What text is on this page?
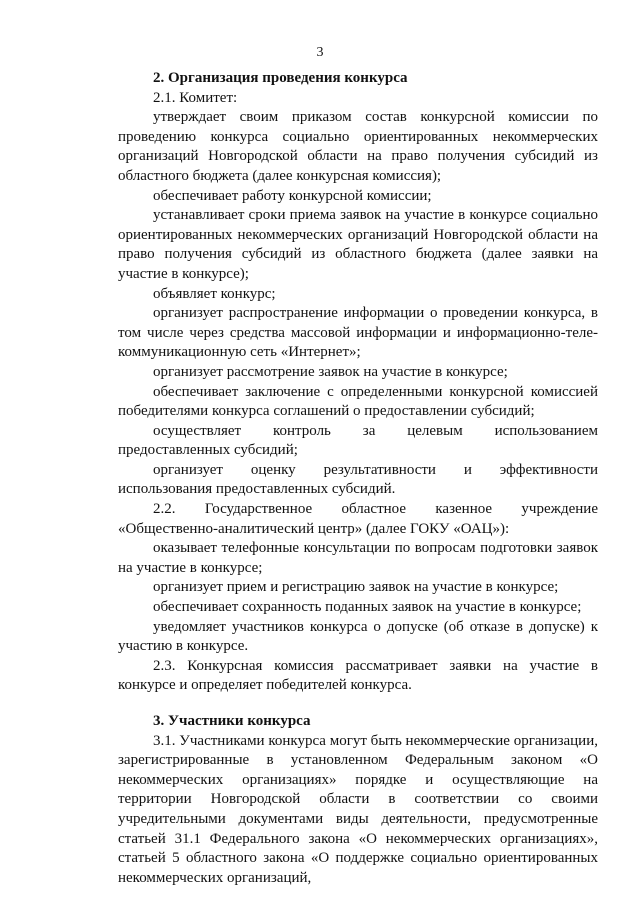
3
2. Организация проведения конкурса

2.1. Комитет:

утверждает своим приказом состав конкурсной комиссии по проведению конкурса социально ориентированных некоммерческих организаций Новгородской области на право получения субсидий из областного бюджета (далее конкурсная комиссия);

обеспечивает работу конкурсной комиссии;

устанавливает сроки приема заявок на участие в конкурсе социально ориентированных некоммерческих организаций Новгородской области на право получения субсидий из областного бюджета (далее заявки на участие в конкурсе);

объявляет конкурс;

организует распространение информации о проведении конкурса, в том числе через средства массовой информации и информационно-теле-коммуникационную сеть «Интернет»;

организует рассмотрение заявок на участие в конкурсе;

обеспечивает заключение с определенными конкурсной комиссией победителями конкурса соглашений о предоставлении субсидий;

осуществляет контроль за целевым использованием предоставленных субсидий;

организует оценку результативности и эффективности использования предоставленных субсидий.

2.2. Государственное областное казенное учреждение «Общественно-аналитический центр» (далее ГОКУ «ОАЦ»):

оказывает телефонные консультации по вопросам подготовки заявок на участие в конкурсе;

организует прием и регистрацию заявок на участие в конкурсе;

обеспечивает сохранность поданных заявок на участие в конкурсе;

уведомляет участников конкурса о допуске (об отказе в допуске) к участию в конкурсе.

2.3. Конкурсная комиссия рассматривает заявки на участие в конкурсе и определяет победителей конкурса.

3. Участники конкурса

3.1. Участниками конкурса могут быть некоммерческие организации, зарегистрированные в установленном Федеральным законом «О некоммерческих организациях» порядке и осуществляющие на территории Новгородской области в соответствии со своими учредительными документами виды деятельности, предусмотренные статьей 31.1 Федерального закона «О некоммерческих организациях», статьей 5 областного закона «О поддержке социально ориентированных некоммерческих организаций,
